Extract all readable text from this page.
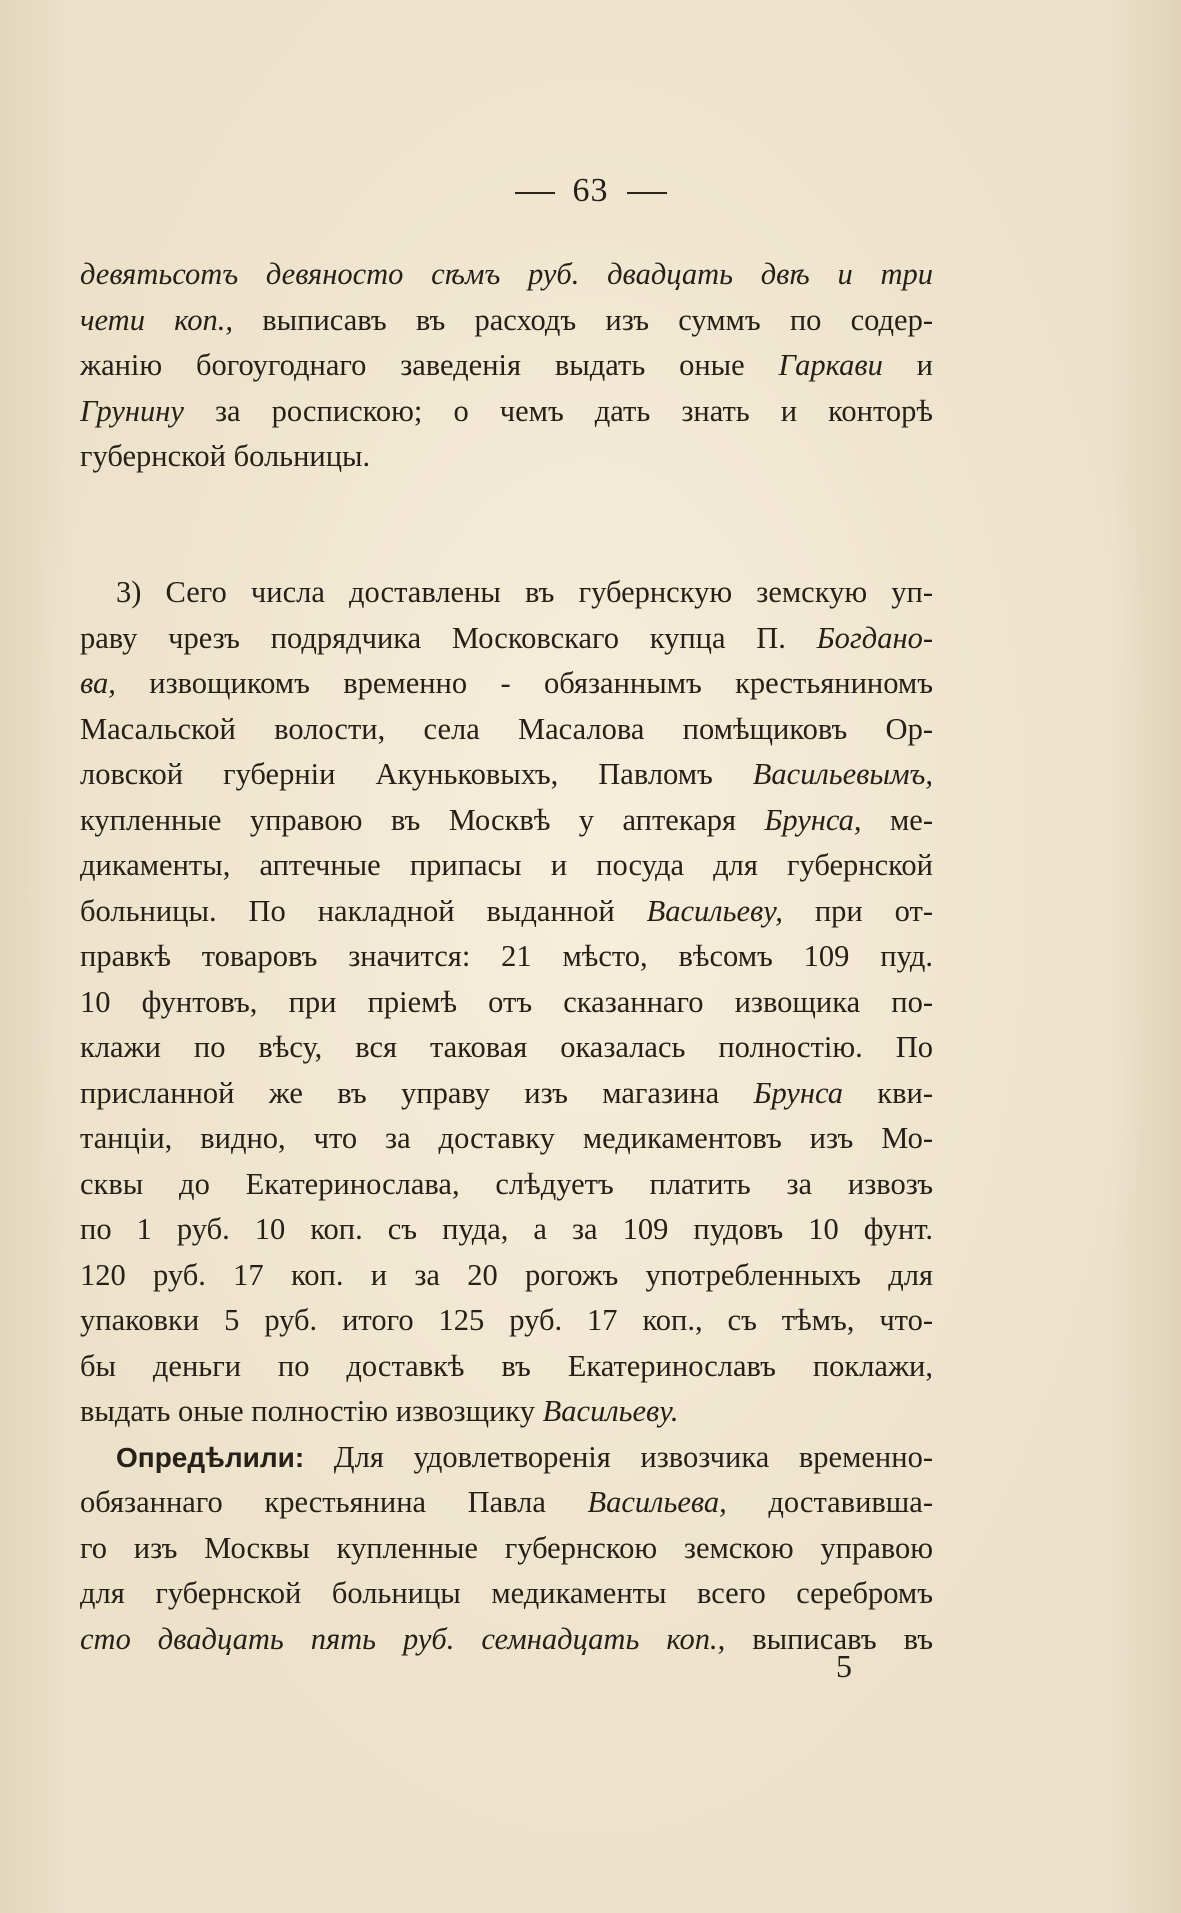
63
девятьсотъ девяносто сѣмъ руб. двадцать двѣ и три
чети коп., выписавъ въ расходъ изъ суммъ по содер-
жанію богоугоднаго заведенія выдать оные Гаркави и
Грунину за роспискою; о чемъ дать знать и конторѣ
губернской больницы.
3) Сего числа доставлены въ губернскую земскую уп-
раву чрезъ подрядчика Московскаго купца П. Богдано-
ва, извощикомъ временно - обязаннымъ крестьяниномъ
Масальской волости, села Масалова помѣщиковъ Ор-
ловской губерніи Акуньковыхъ, Павломъ Васильевымъ,
купленные управою въ Москвѣ у аптекаря Брунса, ме-
дикаменты, аптечные припасы и посуда для губернской
больницы. По накладной выданной Васильеву, при от-
правкѣ товаровъ значится: 21 мѣсто, вѣсомъ 109 пуд.
10 фунтовъ, при пріемѣ отъ сказаннаго извощика по-
клажи по вѣсу, вся таковая оказалась полностію. По
присланной же въ управу изъ магазина Брунса кви-
танціи, видно, что за доставку медикаментовъ изъ Мо-
сквы до Екатеринослава, слѣдуетъ платить за извозъ
по 1 руб. 10 коп. съ пуда, а за 109 пудовъ 10 фунт.
120 руб. 17 коп. и за 20 рогожъ употребленныхъ для
упаковки 5 руб. итого 125 руб. 17 коп., съ тѣмъ, что-
бы деньги по доставкѣ въ Екатеринославъ поклажи,
выдать оные полностію извозщику Васильеву.
Опредѣлили: Для удовлетворенія извозчика временно-
обязаннаго крестьянина Павла Васильева, доставивша-
го изъ Москвы купленные губернскою земскою управою
для губернской больницы медикаменты всего серебромъ
сто двадцать пять руб. семнадцать коп., выписавъ въ
5
